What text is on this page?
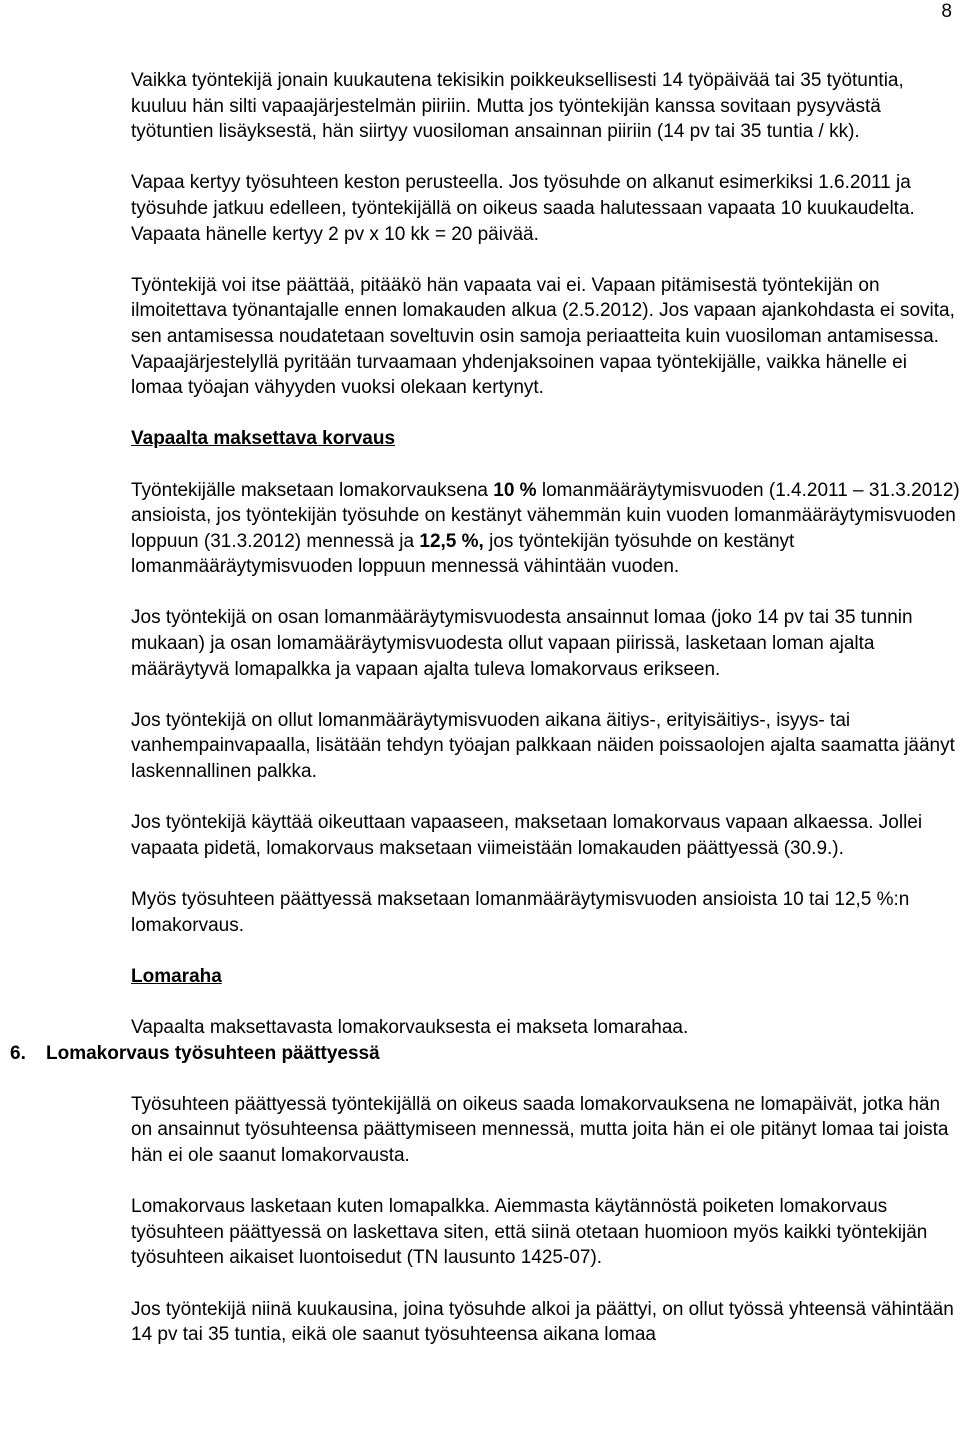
8

Vaikka työntekijä jonain kuukautena tekisikin poikkeuksellisesti 14 työpäivää tai 35 työtuntia, kuuluu hän silti vapaajärjestelmän piiriin. Mutta jos työntekijän kanssa sovitaan pysyvästä työtuntien lisäyksestä, hän siirtyy vuosiloman ansainnan piiriin (14 pv tai 35 tuntia / kk).

Vapaa kertyy työsuhteen keston perusteella. Jos työsuhde on alkanut esimerkiksi 1.6.2011 ja työsuhde jatkuu edelleen, työntekijällä on oikeus saada halutessaan vapaata 10 kuukaudelta. Vapaata hänelle kertyy 2 pv x 10 kk = 20 päivää.

Työntekijä voi itse päättää, pitääkö hän vapaata vai ei. Vapaan pitämisestä työntekijän on ilmoitettava työnantajalle ennen lomakauden alkua (2.5.2012). Jos vapaan ajankohdasta ei sovita, sen antamisessa noudatetaan soveltuvin osin samoja periaatteita kuin vuosiloman antamisessa. Vapaajärjestelyllä pyritään turvaamaan yhdenjaksoinen vapaa työntekijälle, vaikka hänelle ei lomaa työajan vähyyden vuoksi olekaan kertynyt.

Vapaalta maksettava korvaus

Työntekijälle maksetaan lomakorvauksena 10 % lomanmääräytymisvuoden (1.4.2011 – 31.3.2012) ansioista, jos työntekijän työsuhde on kestänyt vähemmän kuin vuoden lomanmääräytymisvuoden loppuun (31.3.2012) mennessä ja 12,5 %, jos työntekijän työsuhde on kestänyt lomanmääräytymisvuoden loppuun mennessä vähintään vuoden.

Jos työntekijä on osan lomanmääräytymisvuodesta ansainnut lomaa (joko 14 pv tai 35 tunnin mukaan) ja osan lomamääräytymisvuodesta ollut vapaan piirissä, lasketaan loman ajalta määräytyvä lomapalkka ja vapaan ajalta tuleva lomakorvaus erikseen.

Jos työntekijä on ollut lomanmääräytymisvuoden aikana äitiys-, erityisäitiys-, isyys- tai vanhempainvapaalla, lisätään tehdyn työajan palkkaan näiden poissaolojen ajalta saamatta jäänyt laskennallinen palkka.

Jos työntekijä käyttää oikeuttaan vapaaseen, maksetaan lomakorvaus vapaan alkaessa. Jollei vapaata pidetä, lomakorvaus maksetaan viimeistään lomakauden päättyessä (30.9.).

Myös työsuhteen päättyessä maksetaan lomanmääräytymisvuoden ansioista 10 tai 12,5 %:n lomakorvaus.

Lomaraha

Vapaalta maksettavasta lomakorvauksesta ei makseta lomarahaa.

6. Lomakorvaus työsuhteen päättyessä

Työsuhteen päättyessä työntekijällä on oikeus saada lomakorvauksena ne lomapäivät, jotka hän on ansainnut työsuhteensa päättymiseen mennessä, mutta joita hän ei ole pitänyt lomaa tai joista hän ei ole saanut lomakorvausta.

Lomakorvaus lasketaan kuten lomapalkka. Aiemmasta käytännöstä poiketen lomakorvaus työsuhteen päättyessä on laskettava siten, että siinä otetaan huomioon myös kaikki työntekijän työsuhteen aikaiset luontoisedut (TN lausunto 1425-07).

Jos työntekijä niinä kuukausina, joina työsuhde alkoi ja päättyi, on ollut työssä yhteensä vähintään 14 pv tai 35 tuntia, eikä ole saanut työsuhteensa aikana lomaa
